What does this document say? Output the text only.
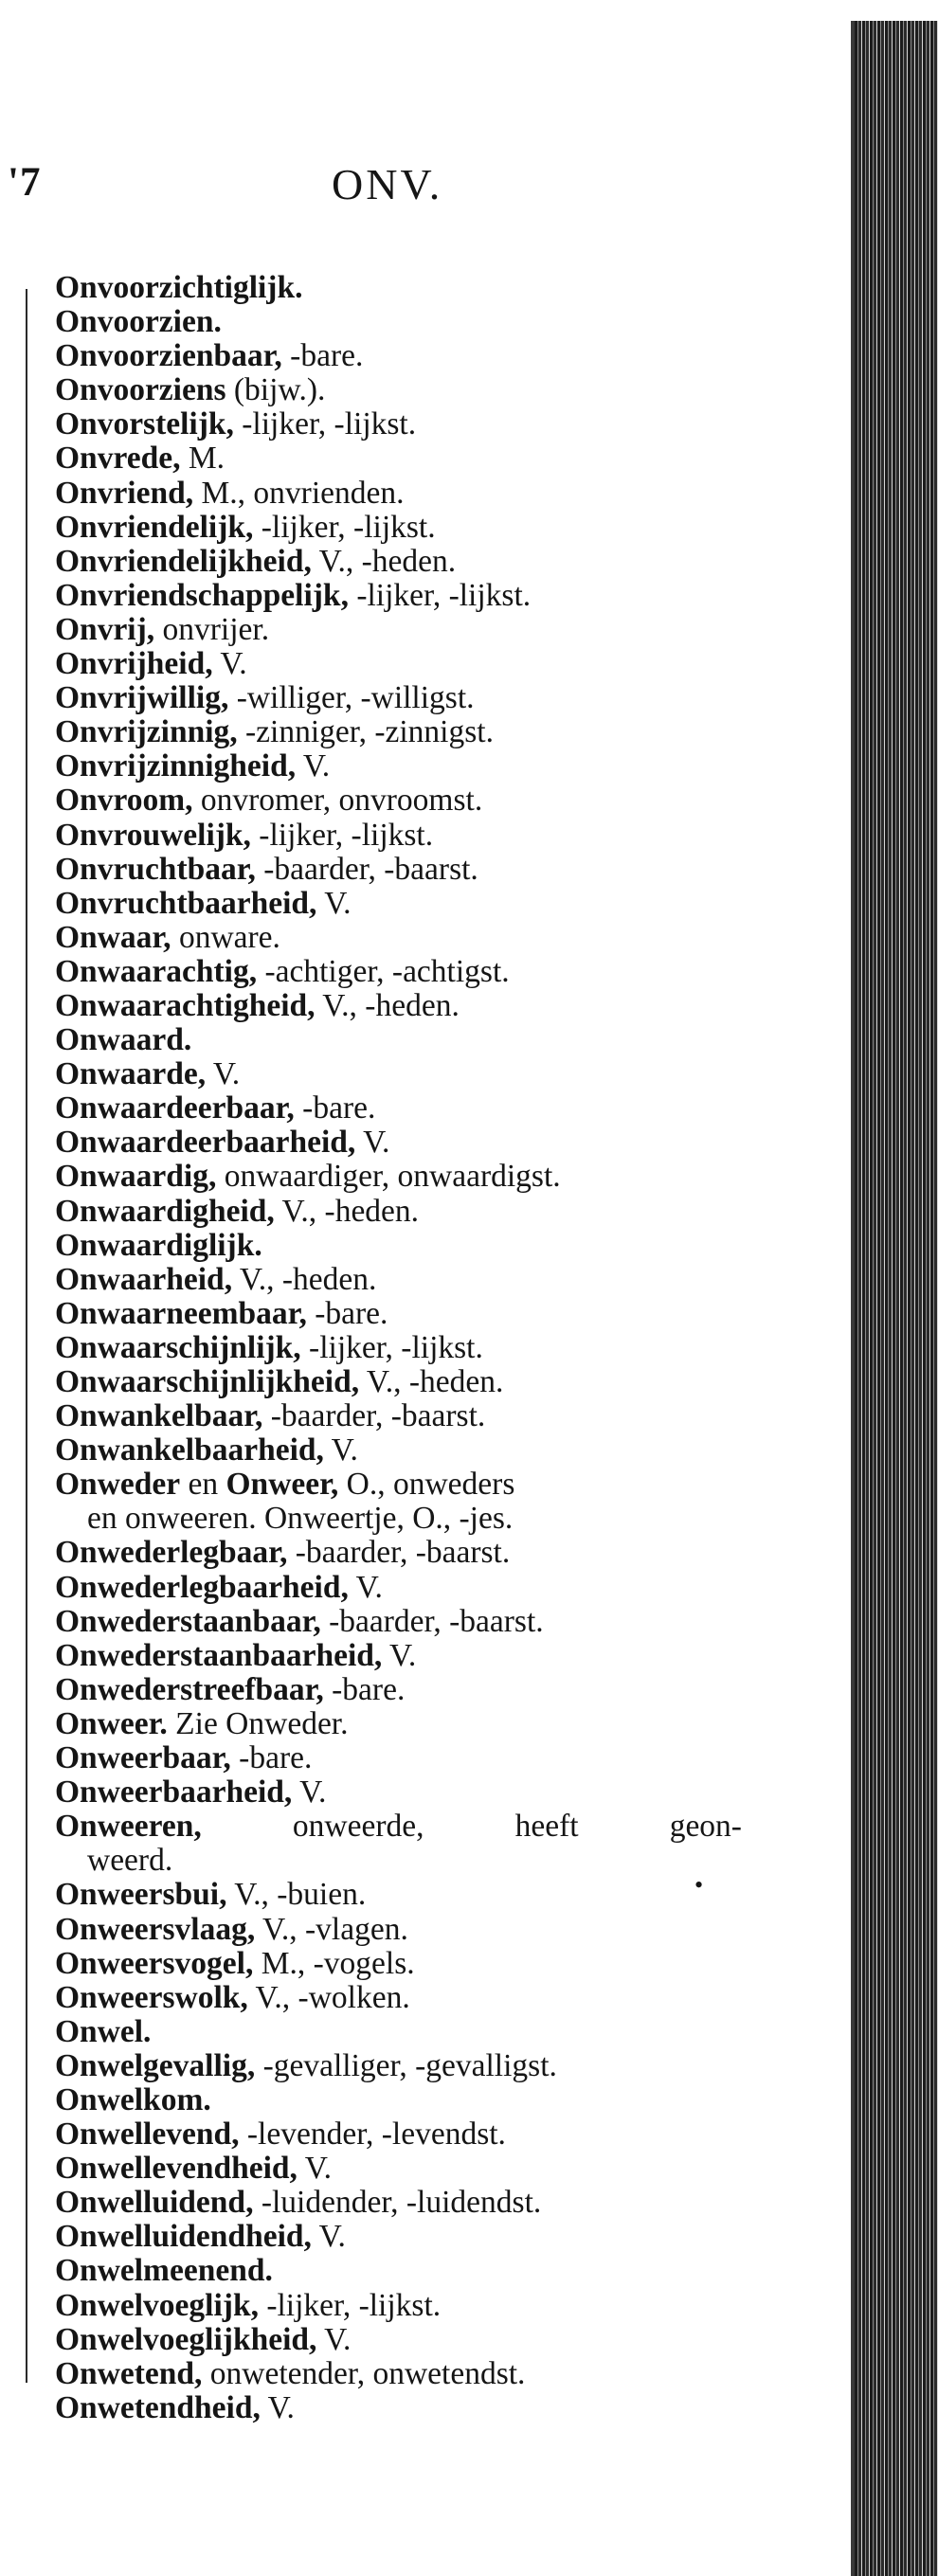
'7	ONV.
Onvoorzichtiglijk.
Onvoorzien.
Onvoorzienbaar, -bare.
Onvoorziens (bijw.).
Onvorstelijk, -lijker, -lijkst.
Onvrede, M.
Onvriend, M., onvrienden.
Onvriendelijk, -lijker, -lijkst.
Onvriendelijkheid, V., -heden.
Onvriendschappelijk, -lijker, -lijkst.
Onvrij, onvrijer.
Onvrijheid, V.
Onvrijwillig, -williger, -willigst.
Onvrijzinnig, -zinniger, -zinnigst.
Onvrijzinnigheid, V.
Onvroom, onvromer, onvroomst.
Onvrouwelijk, -lijker, -lijkst.
Onvruchtbaar, -baarder, -baarst.
Onvruchtbaarheid, V.
Onwaar, onware.
Onwaarachtig, -achtiger, -achtigst.
Onwaarachtigheid, V., -heden.
Onwaard.
Onwaarde, V.
Onwaardeerbaar, -bare.
Onwaardeerbaarheid, V.
Onwaardig, onwaardiger, onwaardigst.
Onwaardigheid, V., -heden.
Onwaardiglijk.
Onwaarheid, V., -heden.
Onwaarneembaar, -bare.
Onwaarschijnlijk, -lijker, -lijkst.
Onwaarschijnlijkheid, V., -heden.
Onwankelbaar, -baarder, -baarst.
Onwankelbaarheid, V.
Onweder en Onweer, O., onweders
en onweeren. Onweertje, O., -jes.
Onwederlegbaar, -baarder, -baarst.
Onwederlegbaarheid, V.
Onwederstaanbaar, -baarder, -baarst.
Onwederstaanbaarheid, V.
Onwederstreefbaar, -bare.
Onweer. Zie Onweder.
Onweerbaar, -bare.
Onweerbaarheid, V.
Onweeren,	onweerde,	heeft	geon-
weerd.
Onweersbui, V., -buien.
Onweersvlaag, V., -vlagen.
Onweersvogel, M., -vogels.
Onweerswolk, V., -wolken.
Onwel.
Onwelgevallig, -gevalliger, -gevalligst.
Onwelkom.
Onwellevend, -levender, -levendst.
Onwellevendheid, V.
Onwelluidend, -luidender, -luidendst.
Onwelluidendheid, V.
Onwelmeenend.
Onwelvoeglijk, -lijker, -lijkst.
Onwelvoeglijkheid, V.
Onwetend, onwetender, onwetendst.
Onwetendheid, V.
•
